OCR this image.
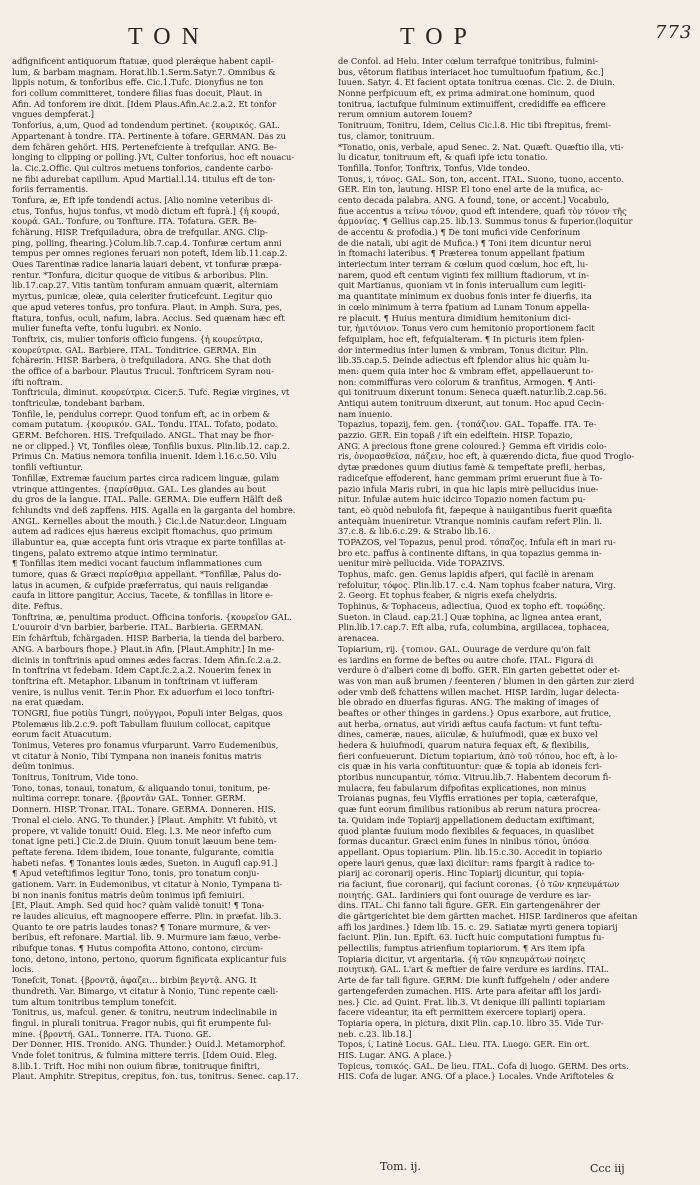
TON	TOP	773

adfignificent antiquorum ftatuæ, quod plerǽque habent capil-

lum, & barbam magnam. Horat.lib.1.Serm.Satyr.7. Omnibus &

lippis notum, & tonforibus effe. Cic.1.Tufc. Dionyfius ne ton

fori collum committeret, tondere filias fuas docuit, Plaut. in

Afin. Ad tonforem ire dixit. [Idem Plaus.Afin.Ac.2.a.2. Et tonfor

vngues dempferat.]

Tonforius, a,um, Quod ad tondendum pertinet. {κουρικός. GAL.

Appartenant à tondre. ITA. Pertinente à tofare. GERMAN. Das zu

dem fchären gehört. HIS. Pertenefciente à trefquilar. ANG. Be-

longing to clipping or polling.}Vt, Culter tonforius, hoc eft nouacu-

la. Cic.2.Offic. Qui cultros metuens tonforios, candente carbo-

ne fibi adurebat capillum. Apud Martial.l.14. titulus eft de ton-

foriis ferramentis.

Tonfura, æ, Eft ipfe tondendi actus. [Alio nomine veteribus di-

ctus, Tonfus, hujus tonfus, vt modò dictum eft fuprà.] {ἡ κουρά,

κουρά. GAL. Tonfure, ou Tonfture. ITA. Tofatura. GER. Be-

fchärung. HISP. Trefquiladura, obra de trefquilar. ANG. Clip-

ping, polling, fhearing.}Colum.lib.7.cap.4. Tonfuræ certum anni

tempus per omnes regiones feruari non poteft, Idem lib.11.cap.2.

Oues Tarentinæ radice lanaria lauari debent, vt tonfuræ præpa-

rentur. *Tonfura, dicitur quoque de vitibus & arboribus. Plin.

lib.17.cap.27. Vitis tantùm tonfuram annuam quærit, alterniam

myrtus, punicæ, oleæ, quia celeriter fruticefcunt. Legitur quo

que apud veteres tonfus, pro tonfura. Plaut. in Amph. Sura, pes,

ftatura, tonfus, oculi, nafum, labra. Accius. Sed quænam hæc eft

mulier funefta vefte, tonfu lugubri. ex Nonio.

Tonftrix, cis, mulier tonforis officio fungens. {ἡ κουρεύτρια,

κουρεύτρια. GAL. Barbiere. ITAL. Tonditrice. GERMA. Ein

fchärerin. HISP. Barbera, ò trefquiladora. ANG. She that doth

the office of a barbour. Plautus Trucul. Tonftricem Syram nou-

ifti noftram.

Tonftricula, diminut. κουρεύτρια. Cicer.5. Tufc. Regiæ virgines, vt

tonftriculæ, tondebant barbam.

Tonfile, le, pendulus correpr. Quod tonfum eft, ac in orbem &

comam putatum. {κουρικόν. GAL. Tondu. ITAL. Tofato, podato.

GERM. Befchoren. HIS. Trefquilado. ANGL. That may be fhor-

ne or clipped.} Vt, Tonfiles oleæ, Tonfilis buxus. Plin.lib.12. cap.2.

Primus Cn. Matius nemora tonfilia inuenit. Idem l.16.c.50. Vilu

tonfili veftiuntur.

Tonfillæ, Extremæ faucium partes circa radicem linguæ, gulam

vtrinque attingentes. {παρίσθμια. GAL. Les glandes au bout

du gros de la langue. ITAL. Palle. GERMA. Die euffern Hälft deß

fchlundts vnd deß zapffens. HIS. Agalla en la garganta del hombre.

ANGL. Kernelles about the mouth.} Cic.l.de Natur.deor. Linguam

autem ad radices ejus hæreus excipit ftomachus, quo primum

illabuntur ea, quæ accepta funt oris vtraque ex parte tonfillas at-

tingens, palato extremo atque intimo terminatur.

¶ Tonfillas item medici vocant faucium inflammationes cum

tumore, quas & Græci παρίσθμια appellant. *Tonfillæ, Palus do-

latus in acumen, & cufpide præferratus, qui nauis religandæ

caufa in littore pangitur, Accius, Tacete, & tonfillas in litore e-

dite. Feftus.

Tonftrina, æ, penultima product. Officina tonforis. {κουρεῖον GAL.

L'ouuroir d'vn barbier, barberie. ITAL. Barbieria. GERMAN.

Ein fchärftub, fchärgaden. HISP. Barberia, la tienda del barbero.

ANG. A barbours fhope.} Plaut.in Afin. [Plaut.Amphitr.] In me-

dicinis in tonftrinis apud omnes ædes facras. Idem Afin.ſc.2.a.2.

In tonftrina vt fedebam. Idem Capt.ſc.2.a.2. Nouerim fenex in

tonftrina eft. Metaphor. Libanum in tonftrinam vt iufferam

venire, is nullus venit. Ter.in Phor. Ex aduorfum ei loco tonftri-

na erat quædam.

TONGRI, fiue potiùs Tungri, πούγγροι, Populi inter Belgas, quos

Ptolemæus lib.2.c.9. poft Tabullam fluuium collocat, capitque

eorum facit Atuacutum.

Tonimus, Veteres pro fonamus vfurparunt. Varro Eudemenibus,

vt citatur à Nonio, Tibi Tympana non inaneis fonitus matris

deûm tonimus.

Tonitrus, Tonitrum, Vide tono.

Tono, tonas, tonaui, tonatum, & aliquando tonui, tonitum, pe-

nultima correpr. tonare. {βροντᾶν GAL. Tonner. GERM.

Donnern. HISP. Tronar. ITAL. Tonare. GERMA. Donneren. HIS.

Tronal el cielo. ANG. To thunder.} [Plaut. Amphitr. Vt fubitò, vt

propere, vt valide tonuit! Ouid. Eleg. l.3. Me neor infefto cum

tonat igne peti.] Cic.2.de Diuin. Quum tonuit læuum bene tem-

peftate ferena. Idem ibidem, Ioue tonante, fulgurante, comitia

habeti nefas. ¶ Tonantes louis ædes, Sueton. in Augufl cap.91.]

¶ Apud veteftifimos legitur Tono, tonis, pro tonatum conju-

gationem. Varr. in Eudemonibus, vt citatur à Nonio, Tympana ti-

bi non inanis fonitus matris deûm tonimus ipfi femiuiri.

[Et, Plaut. Amph. Sed quid hoc? quàm validè tonuit! ¶ Tona-

re laudes alicuius, eft magnoopere efferre. Plin. in præfat. lib.3.

Quanto te ore patris laudes tonas? ¶ Tonare murmure, & ver-

beribus, eft refonare. Martial. lib. 9. Murmure iam fæuo, verbe-

ribufque tonas. ¶ Hutus compofita Attono, contono, circum-

tono, detono, intono, pertono, quorum fignificata explicantur fuis

locis.

Tonefcit, Tonat. {βροντᾷ, ἀφαζει... birbim βεγντᾷ. ANG. It

thundreth. Var. Bimargo, vt citatur à Nonio, Tunc repente cæli-

tum altum tonitribus templum tonefcit.

Tonitrus, us, mafcul. gener. & tonitru, neutrum indeclinabile in

fingul. in plurali tonitrua. Fragor nubis, qui fit erumpente ful-

mine. {βροντή. GAL. Tonnerre. ITA. Tuono. GE.

Der Donner. HIS. Tronido. ANG. Thunder.} Ouid.l. Metamorphof.

Vnde folet tonitrus, & fulmina mittere terris. [Idem Ouid. Eleg.

8.lib.1. Trift. Hoc mihi non ouium fibræ, tonitruque finiftri,

Plaut. Amphitr. Strepitus, crepitus, fon. tus, tonitrus. Senec. cap.17.

de Confol. ad Helu. Inter cœlum terrafque tonitribus, fulmini-

bus, vêtorum flatibus interiacet hoc tumultuofum fpatium, &c.]

Iuuen. Satyr. 4. Et facient optata tonitrua cœnas. Cic. 2. de Diuin.

Nonne perfpicuum eft, ex prima admirat.one hominum, quod

tonitrua, iactufque fulminum extimuiffent, credidiffe ea efficere

rerum omnium autorem Iouem?

Tonitruum, Tonitru, Idem, Celius Cic.l.8. Hic tibi ftrepitus, fremi-

tus, clamor, tonitruum.

*Tonatio, onis, verbale, apud Senec. 2. Nat. Quæft. Quæftio illa, vti-

lu dicatur, tonitruum eft, & quafi ipfe ictu tonatio.

Tonfilla. Tonfor, Tonftrix, Tonfus, Vide tondeo.

Tonus, i, τόνος. GAL. Son, ton, accent. ITAL. Suono, tuono, accento.

GER. Ein ton, lautung. HISP. El tono enel arte de la mufica, ac-

cento decada palabra. ANG. A found, tone, or accent.] Vocabulo,

fiue accentus a τείνω τόνον, quod eft intendere, quafi τὸν τόνον τῆς

ἀρμονίας. ¶ Gellius cap.25. lib.13. Summus tonus & fuperior.(loquitur

de accentu & profodia.) ¶ De toni mufici vide Cenforinum

de die natali, ubi agit de Mufica.) ¶ Toni item dicuntur nerui

in ftomachi lateribus. ¶ Præterea tonum appellant fpatium

interiectum inter terram & cœlum quod cœlum, hoc eft, lu-

narem, quod eft centum viginti fex millium ftadiorum, vt in-

quit Martianus, quoniam vt in fonis interuallum cum legiti-

ma quantitate minimum ex duobus fonis inter fe diuerfis, ita

in cœlo minimum à terra fpatium ad Lunam Tonum appella-

re placuit. ¶ Huius mentura dimidium hemitonium dici-

tur, ἡμιτόνιον. Tonus vero cum hemitonio proportionem facit

fefquiplam, hoc eft, fefquialteram. ¶ In picturis item fplen-

dor intermedius inter lumen & vmbram, Tonus dicitur. Plin.

lib.35.cap.5. Deinde adiectus eft fplendor alius hic quàm lu-

men: quem quia inter hoc & vmbram effet, appellauerunt to-

non: commiffuras vero colorum & tranfitus, Armogen. ¶ Anti-

qui tonitruum dixerunt tonum: Seneca quæft.natur.lib.2.cap.56.

Antiqui autem tonitruum dixerunt, aut tonum. Hoc apud Cecin-

nam inuenio.

Topazius, topazij, fem. gen. {τοπάζιον. GAL. Topaffe. ITA. Te-

pazzio. GER. Ein topaß / ift ein edelftein. HISP. Topazio,

ANG. A precious ftone grene coloured.} Gemma eft viridis colo-

ris, ὀνομασθεῖσα, πάζειν, hoc eft, à quærendo dicta, fiue quod Troglo-

dytæ prædones quum diutius famè & tempeftate prefli, herbas,

radicefque effoderent, hanc gemmam primi eruerunt fiue à To-

pazio infula Maris rubri, in qua hic lapis mirè pellucidus inue-

nitur. Infulæ autem huic idcirco Topazio nomen factum pu-

tant, eò quòd nebulofa fit, fæpeque à nauigantibus fuerit quæfita

antequàm inueniretur. Vtranque nominis caufam refert Plin. li.

37.c.8. & lib.6.c.29. & Strabo lib.16.

TOPAZOS, vel Topazus, penul prod. τόπαζος. Infula eft in mari ru-

bro etc. paffus à continente diftans, in qua topazius gemma in-

uenitur mirè pellucida. Vide TOPAZIVS.

Tophus, mafc. gen. Genus lapidis afperi, qui facilè in arenam

refoluitur, τόφος. Plin.lib.17. c.4. Nam tophus fcaber natura, Virg.

2. Georg. Et tophus fcaber, & nigris exefa chelydris.

Tophinus, & Tophaceus, adiectiua, Quod ex topho eft. τοφώδης.

Sueton. in Claud. cap.21.] Quæ tophina, ac lignea antea erant,

Plin.lib.17.cap.7. Eft alba, rufa, columbina, argillacea, tophacea,

arenacea.

Topiarium, rij. {τοπιον. GAL. Ouurage de verdure qu'on fait

es iardins en forme de beftes ou autre chofe. ITAL. Figura di

verdure ò d'alberi come di boffo. GER. Ein garten gebettet oder et-

was von man auß brumen / feenteren / blumen in den gärten zur zierd

oder vmb deß fchattens willen machet. HISP. Iardin, lugar delecta-

ble obrado en diuerfas figuras. ANG. The making of images of

beaftes or other thinges in gardens.} Opus exarbore, aut frutice,

aut herba, ornatus, aut viridi æftus caufa factum: vt funt teftu-

dines, cameræ, naues, aiiculæ, & huiufmodi, quæ ex buxo vel

hedera & huiufmodi, quarum natura fequax eft, & flexibilis,

fieri confueuerunt. Dictum topiarium, ἀπὸ τοῦ τόπου, hoc eft, à lo-

cis quæ in his varia conftituuntur: quæ & topia ab idoneis fcri-

ptoribus nuncupantur, τόπια. Vitruu.lib.7. Habentem decorum fi-

mulacra, feu fabularum difpofitas explicationes, non minus

Troianas pugnas, feu Vlyffis errationes per topia, cæterafque,

quæ funt eorum fimilibus rationibus ab rerum natura procrea-

ta. Quidam inde Topiarij appellationem deductam exiftimant,

quod plantæ fuuium modo flexibiles & fequaces, in quaslibet

formas ducantur. Græci enim funes in ninibus τόποι, ὑπόσα

appellant. Opus topiarium. Plin. lib.15.c.30. Accedit in topiario

opere lauri genus, quæ laxi diciitur: rams fpargit à radice to-

piarij ac coronarij operis. Hinc Topiarij dicuntur, qui topia-

ria faciunt, fiue coronarij, qui faciunt coronas. {ὁ τῶν κηπευμάτων

ποιητής. GAL. Iardiniers qui font ouurage de verdure es iar-

dins. ITAL. Chi fanno tali figure. GER. Ein gartengenährer der

die gärtgerichtet bie dem gärtten machet. HISP. Iardineros que afeitan

affi los jardines.} Idem lib. 15. c. 29. Satiatæ myrti genera topiarij

faciunt. Plin. Iun. Epift. 63. Iucft huic computationi fumptus fu-

pellectilis, fumptus atrienfium topiariorum. ¶ Ars item ipfa

Topiaria dicitur, vt argentaria. {ἡ τῶν κηπευμάτων ποίηεις

ποιητική. GAL. L'art & meftier de faire verdure es iardins. ITAL.

Arte de far tali figure. GERM. Die kunft fuffgeheln / oder andere

gartengeferden zumachen. HIS. Arte para afeitar affi los jardi-

nes.} Cic. ad Quint. Frat. lib.3. Vt denique illi pallinti topiariam

facere videantur, ita eft permittem exercere topiarij opera.

Topiaria opera, in pictura, dixit Plin. cap.10. libro 35. Vide Tur-

neb. c.23. lib.18.]

Topos, ί, Latinè Locus. GAL. Lieu. ITA. Luogo. GER. Ein ort.

HIS. Lugar. ANG. A place.}

Topicus, τοπικός. GAL. De lieu. ITAL. Cofa di luogo. GERM. Des orts.

HIS. Cofa de lugar. ANG. Of a place.} Locales. Vnde Ariftoteles &

Tom. ij.	Ccc iij
